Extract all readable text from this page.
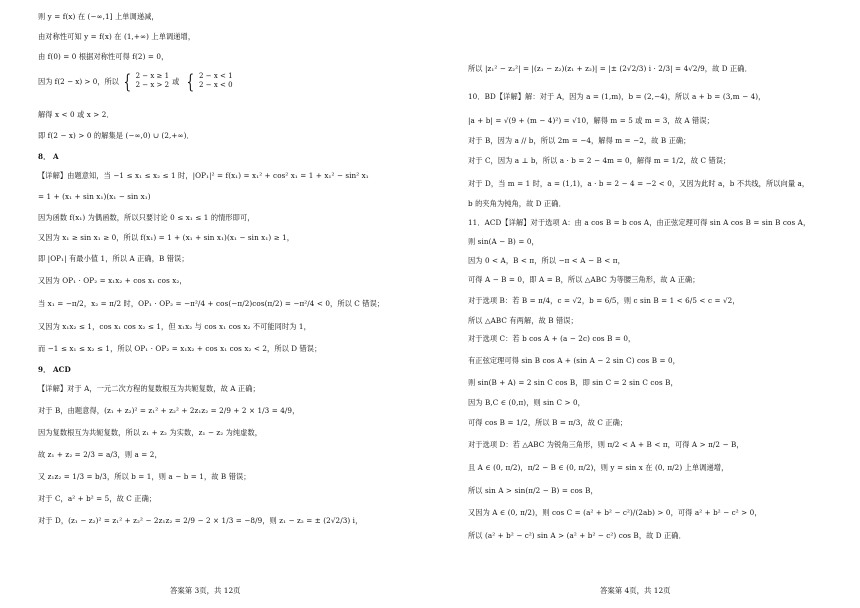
则 y = f(x) 在 (−∞,1] 上单调递减，
由对称性可知 y = f(x) 在 (1,+∞) 上单调递增，
由 f(0) = 0 根据对称性可得 f(2) = 0，
因为 f(2 − x) > 0，所以 { 2 − x ≥ 1
2 − x > 2 或 { 2 − x < 1
2 − x < 0
解得 x < 0 或 x > 2．
即 f(2 − x) > 0 的解集是 (−∞,0) ∪ (2,+∞)．
8． A
【详解】由题意知，当 −1 ≤ x₁ ≤ x₂ ≤ 1 时，|OP₁|² = f(x₁) = x₁² + cos² x₁ = 1 + x₁² − sin² x₁
= 1 + (x₁ + sin x₁)(x₁ − sin x₁)
因为函数 f(x₁) 为偶函数，所以只要讨论 0 ≤ x₁ ≤ 1 的情形即可，
又因为 x₁ ≥ sin x₁ ≥ 0，所以 f(x₁) = 1 + (x₁ + sin x₁)(x₁ − sin x₁) ≥ 1，
即 |OP₁| 有最小值 1，所以 A 正确，B 错误；
又因为 OP₁ · OP₂ = x₁x₂ + cos x₁ cos x₂，
当 x₁ = −π/2，x₂ = π/2 时，OP₁ · OP₂ = −π²/4 + cos(−π/2)cos(π/2) = −π²/4 < 0，所以 C 错误；
又因为 x₁x₂ ≤ 1，cos x₁ cos x₂ ≤ 1，但 x₁x₂ 与 cos x₁ cos x₂ 不可能同时为 1，
而 −1 ≤ x₁ ≤ x₂ ≤ 1，所以 OP₁ · OP₂ = x₁x₂ + cos x₁ cos x₂ < 2，所以 D 错误；
9． ACD
【详解】对于 A，一元二次方程的复数根互为共轭复数，故 A 正确；
对于 B，由题意得，(z₁ + z₂)² = z₁² + z₂² + 2z₁z₂ = 2/9 + 2 × 1/3 = 4/9，
因为复数根互为共轭复数，所以 z₁ + z₂ 为实数，z₁ − z₂ 为纯虚数，
故 z₁ + z₂ = 2/3 = a/3，则 a = 2，
又 z₁z₂ = 1/3 = b/3，所以 b = 1，则 a − b = 1，故 B 错误；
对于 C，a² + b² = 5，故 C 正确；
对于 D，(z₁ − z₂)² = z₁² + z₂² − 2z₁z₂ = 2/9 − 2 × 1/3 = −8/9，则 z₁ − z₂ = ± (2√2/3) i，
答案第 3页，共 12页
所以 |z₁² − z₂²| = |(z₁ − z₂)(z₁ + z₂)| = |± (2√2/3) i · 2/3| = 4√2/9，故 D 正确．
10．BD【详解】解：对于 A，因为 a = (1,m)，b = (2,−4)，所以 a + b = (3,m − 4)，
|a + b| = √(9 + (m − 4)²) = √10，解得 m = 5 或 m = 3，故 A 错误；
对于 B，因为 a // b，所以 2m = −4，解得 m = −2，故 B 正确；
对于 C，因为 a ⊥ b，所以 a · b = 2 − 4m = 0，解得 m = 1/2，故 C 错误；
对于 D，当 m = 1 时，a = (1,1)，a · b = 2 − 4 = −2 < 0，又因为此时 a，b 不共线，所以向量 a，
b 的夹角为钝角，故 D 正确．
11．ACD【详解】对于选项 A：由 a cos B = b cos A，由正弦定理可得 sin A cos B = sin B cos A，
则 sin(A − B) = 0，
因为 0 < A，B < π，所以 −π < A − B < π，
可得 A − B = 0，即 A = B，所以 △ABC 为等腰三角形，故 A 正确；
对于选项 B：若 B = π/4，c = √2，b = 6/5，则 c sin B = 1 < 6/5 < c = √2，
所以 △ABC 有两解，故 B 错误；
对于选项 C：若 b cos A + (a − 2c) cos B = 0，
有正弦定理可得 sin B cos A + (sin A − 2 sin C) cos B = 0，
则 sin(B + A) = 2 sin C cos B，即 sin C = 2 sin C cos B，
因为 B,C ∈ (0,π)，则 sin C > 0，
可得 cos B = 1/2，所以 B = π/3，故 C 正确；
对于选项 D：若 △ABC 为锐角三角形，则 π/2 < A + B < π，可得 A > π/2 − B，
且 A ∈ (0, π/2)，π/2 − B ∈ (0, π/2)，则 y = sin x 在 (0, π/2) 上单调递增，
所以 sin A > sin(π/2 − B) = cos B，
又因为 A ∈ (0, π/2)，则 cos C = (a² + b² − c²)/(2ab) > 0，可得 a² + b² − c² > 0，
所以 (a² + b² − c²) sin A > (a² + b² − c²) cos B，故 D 正确．
答案第 4页，共 12页
